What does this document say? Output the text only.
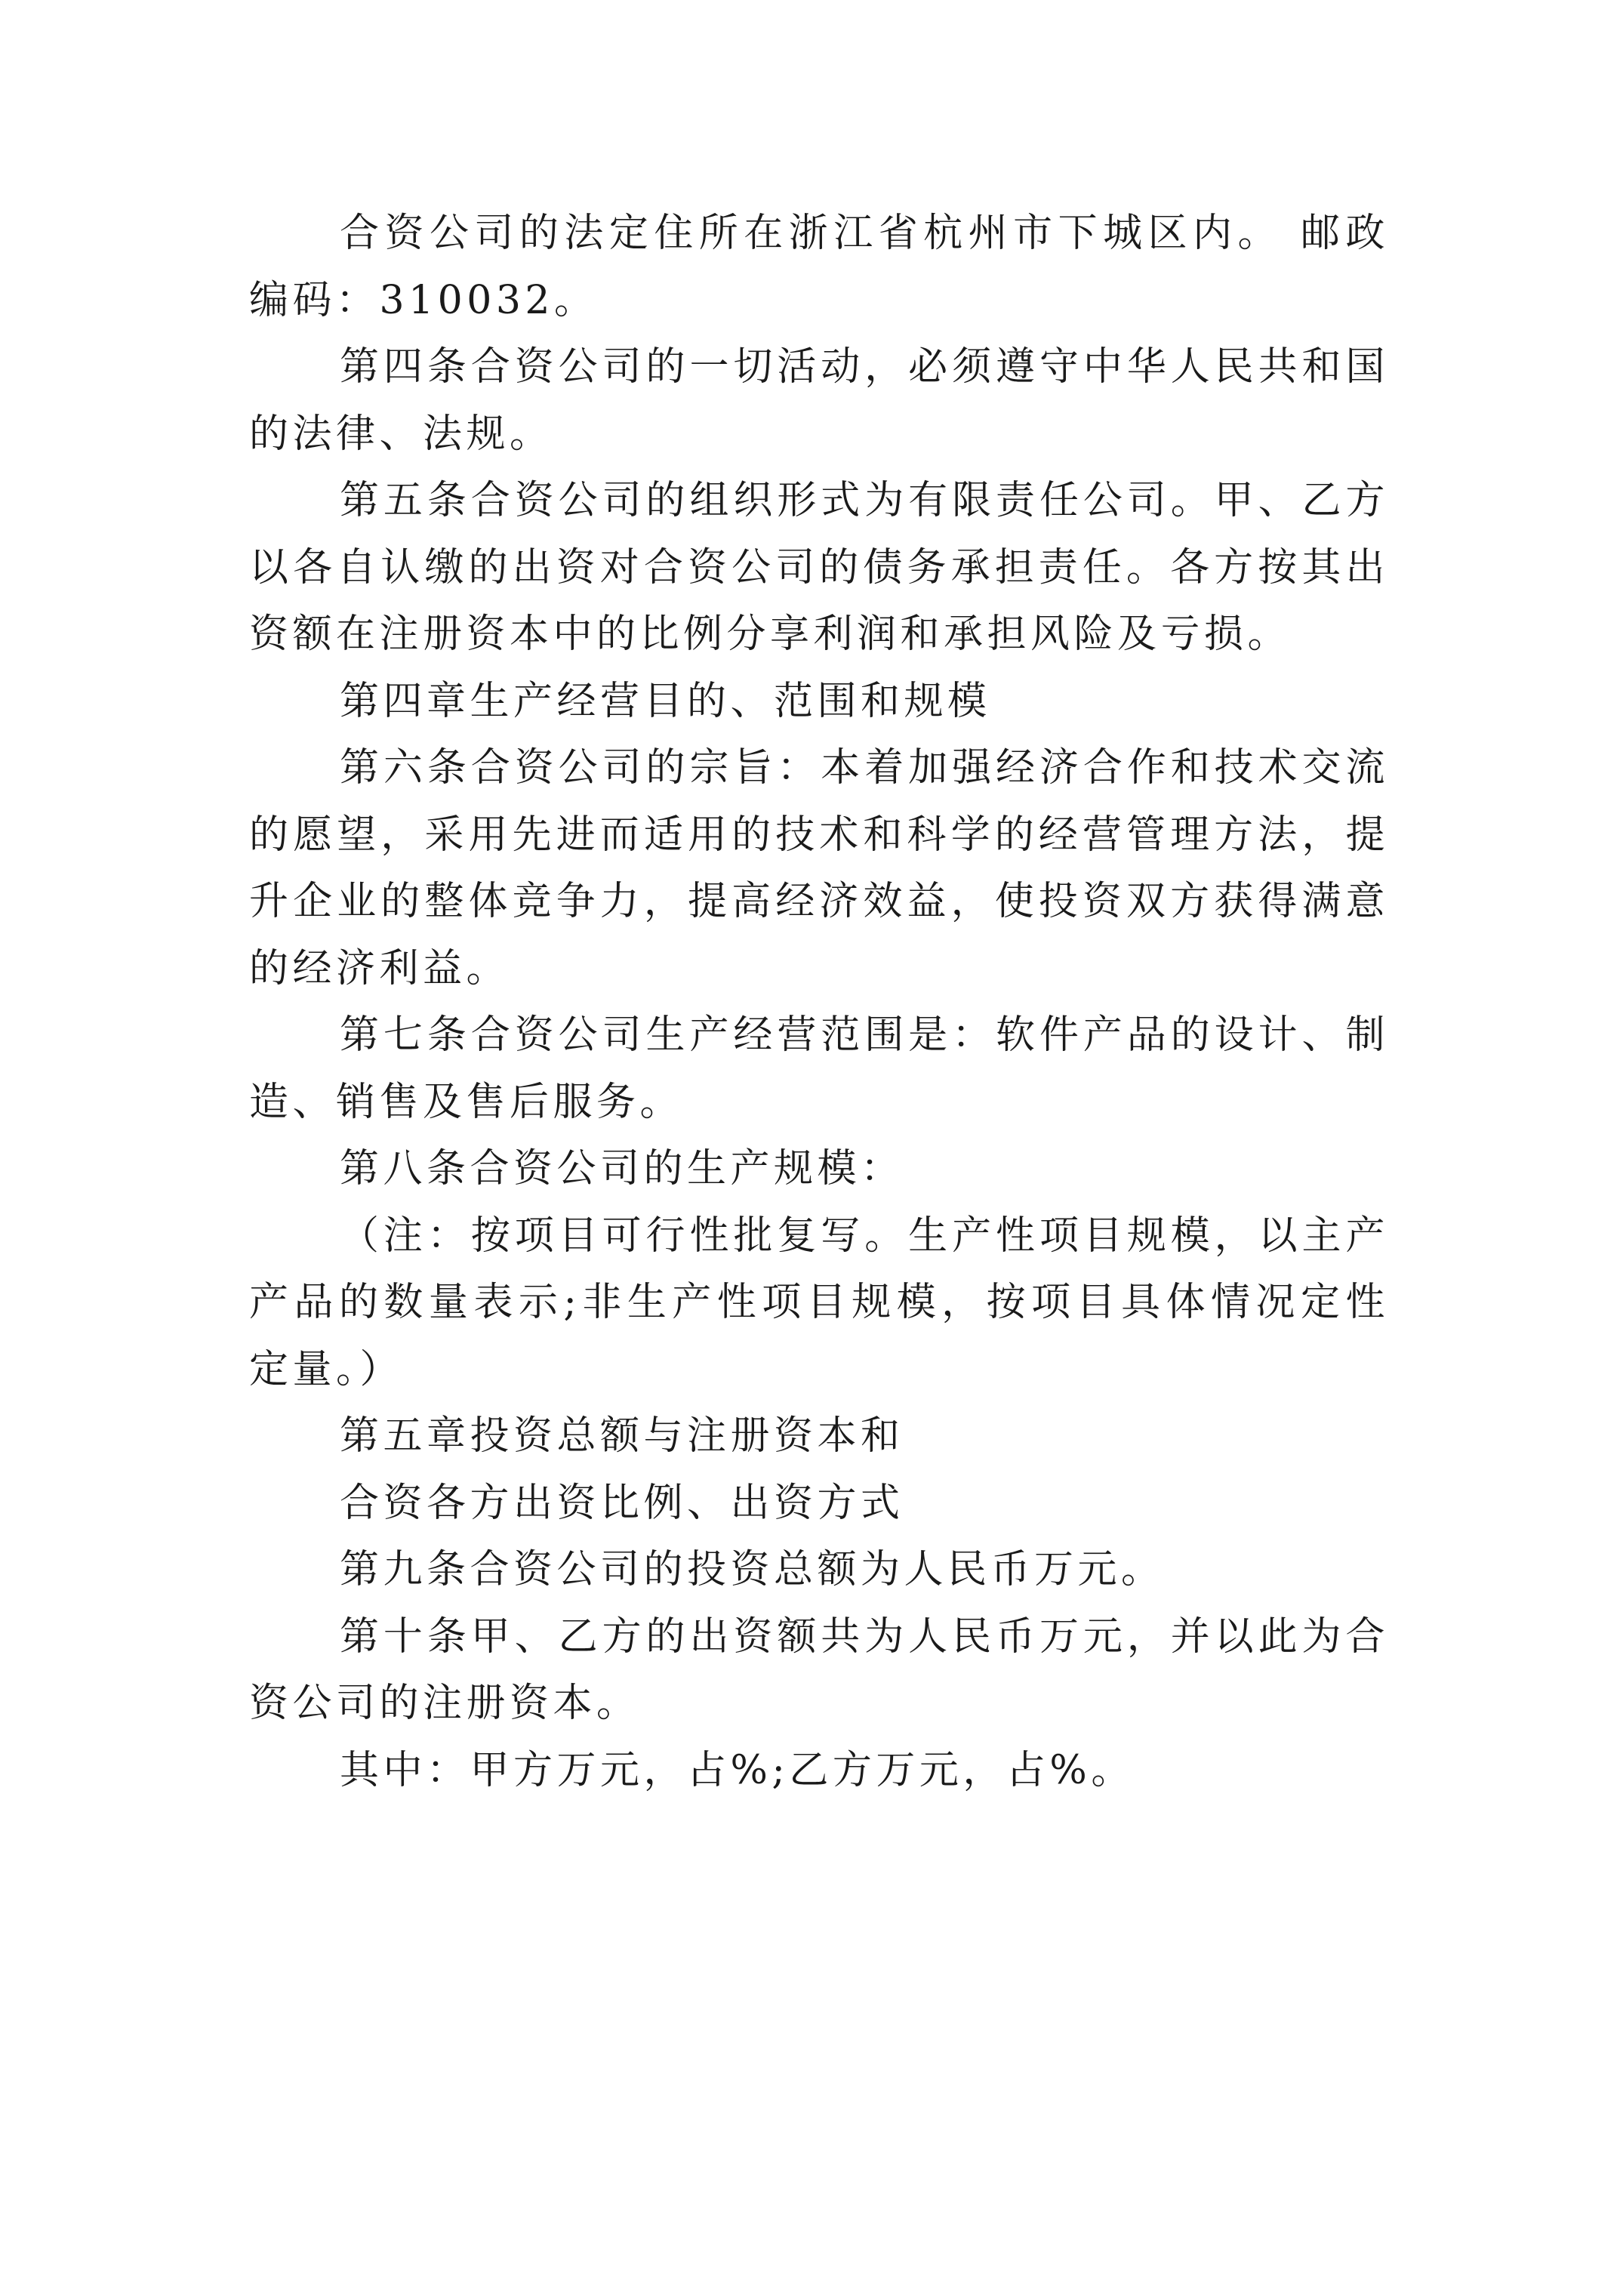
合资公司的法定住所在浙江省杭州市下城区内。 邮政编码：310032。

第四条合资公司的一切活动，必须遵守中华人民共和国的法律、法规。

第五条合资公司的组织形式为有限责任公司。甲、乙方以各自认缴的出资对合资公司的债务承担责任。各方按其出资额在注册资本中的比例分享利润和承担风险及亏损。

第四章生产经营目的、范围和规模

第六条合资公司的宗旨：本着加强经济合作和技术交流的愿望，采用先进而适用的技术和科学的经营管理方法，提升企业的整体竞争力，提高经济效益，使投资双方获得满意的经济利益。

第七条合资公司生产经营范围是：软件产品的设计、制造、销售及售后服务。

第八条合资公司的生产规模：

（注：按项目可行性批复写。生产性项目规模，以主产产品的数量表示;非生产性项目规模，按项目具体情况定性定量。）

第五章投资总额与注册资本和

合资各方出资比例、出资方式

第九条合资公司的投资总额为人民币万元。

第十条甲、乙方的出资额共为人民币万元，并以此为合资公司的注册资本。

其中：甲方万元，占%;乙方万元，占%。
